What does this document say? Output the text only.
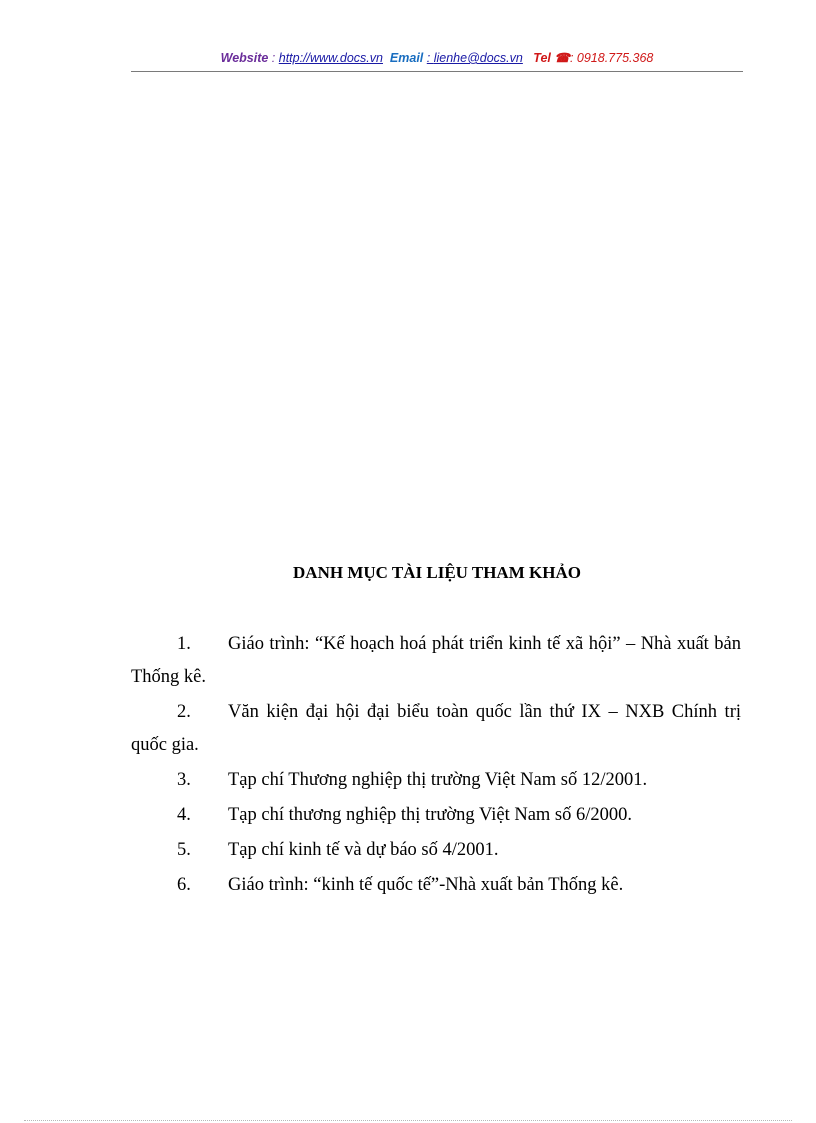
Website : http://www.docs.vn Email : lienhe@docs.vn Tel ☎: 0918.775.368
DANH MỤC TÀI LIỆU THAM KHẢO

1. Giáo trình: “Kế hoạch hoá phát triển kinh tế xã hội” – Nhà xuất bản Thống kê.

2. Văn kiện đại hội đại biểu toàn quốc lần thứ IX – NXB Chính trị quốc gia.

3. Tạp chí Thương nghiệp thị trường Việt Nam số 12/2001.

4. Tạp chí thương nghiệp thị trường Việt Nam số 6/2000.

5. Tạp chí kinh tế và dự báo số 4/2001.

6. Giáo trình: “kinh tế quốc tế”-Nhà xuất bản Thống kê.
